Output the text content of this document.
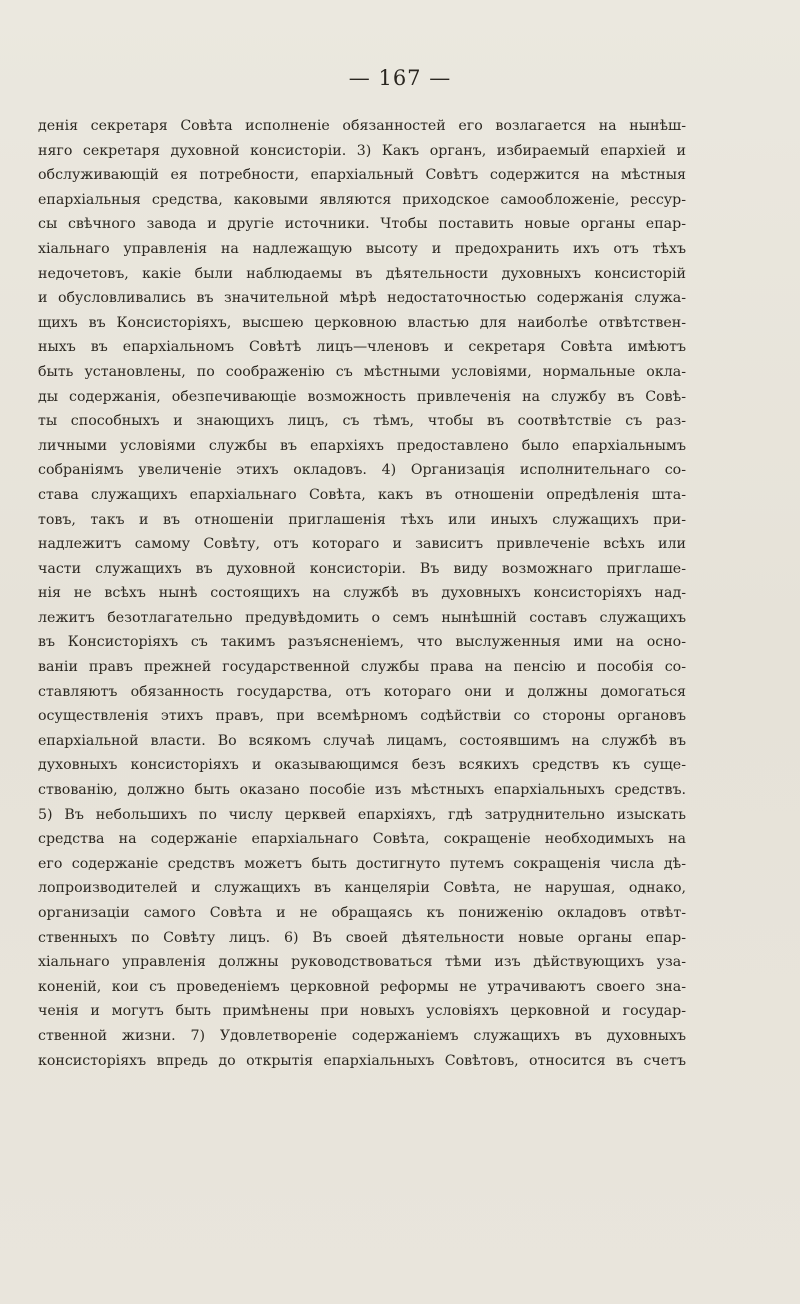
— 167 —
денія секретаря Совѣта исполненіе обязанностей его возлагается на нынѣш-
няго секретаря духовной консисторіи. 3) Какъ органъ, избираемый епархіей и
обслуживающій ея потребности, епархіальный Совѣтъ содержится на мѣстныя
епархіальныя средства, каковыми являются приходское самообложеніе, рессур-
сы свѣчного завода и другіе источники. Чтобы поставить новые органы епар-
хіальнаго управленія на надлежащую высоту и предохранить ихъ отъ тѣхъ
недочетовъ, какіе были наблюдаемы въ дѣятельности духовныхъ консисторій
и обусловливались въ значительной мѣрѣ недостаточностью содержанія служа-
щихъ въ Консисторіяхъ, высшею церковною властью для наиболѣе отвѣтствен-
ныхъ въ епархіальномъ Совѣтѣ лицъ—членовъ и секретаря Совѣта имѣютъ
быть установлены, по соображенію съ мѣстными условіями, нормальные окла-
ды содержанія, обезпечивающіе возможность привлеченія на службу въ Совѣ-
ты способныхъ и знающихъ лицъ, съ тѣмъ, чтобы въ соотвѣтствіе съ раз-
личными условіями службы въ епархіяхъ предоставлено было епархіальнымъ
собраніямъ увеличеніе этихъ окладовъ. 4) Организація исполнительнаго со-
става служащихъ епархіальнаго Совѣта, какъ въ отношеніи опредѣленія шта-
товъ, такъ и въ отношеніи приглашенія тѣхъ или иныхъ служащихъ при-
надлежитъ самому Совѣту, отъ котораго и зависитъ привлеченіе всѣхъ или
части служащихъ въ духовной консисторіи. Въ виду возможнаго приглаше-
нія не всѣхъ нынѣ состоящихъ на службѣ въ духовныхъ консисторіяхъ над-
лежитъ безотлагательно предувѣдомить о семъ нынѣшній составъ служащихъ
въ Консисторіяхъ съ такимъ разъясненіемъ, что выслуженныя ими на осно-
ваніи правъ прежней государственной службы права на пенсію и пособія со-
ставляютъ обязанность государства, отъ котораго они и должны домогаться
осуществленія этихъ правъ, при всемѣрномъ содѣйствіи со стороны органовъ
епархіальной власти. Во всякомъ случаѣ лицамъ, состоявшимъ на службѣ въ
духовныхъ консисторіяхъ и оказывающимся безъ всякихъ средствъ къ суще-
ствованію, должно быть оказано пособіе изъ мѣстныхъ епархіальныхъ средствъ.
5) Въ небольшихъ по числу церквей епархіяхъ, гдѣ затруднительно изыскать
средства на содержаніе епархіальнаго Совѣта, сокращеніе необходимыхъ на
его содержаніе средствъ можетъ быть достигнуто путемъ сокращенія числа дѣ-
лопроизводителей и служащихъ въ канцеляріи Совѣта, не нарушая, однако,
организаціи самого Совѣта и не обращаясь къ пониженію окладовъ отвѣт-
ственныхъ по Совѣту лицъ. 6) Въ своей дѣятельности новые органы епар-
хіальнаго управленія должны руководствоваться тѣми изъ дѣйствующихъ уза-
коненій, кои съ проведеніемъ церковной реформы не утрачиваютъ своего зна-
ченія и могутъ быть примѣнены при новыхъ условіяхъ церковной и государ-
ственной жизни. 7) Удовлетвореніе содержаніемъ служащихъ въ духовныхъ
консисторіяхъ впредь до открытія епархіальныхъ Совѣтовъ, относится въ счетъ
